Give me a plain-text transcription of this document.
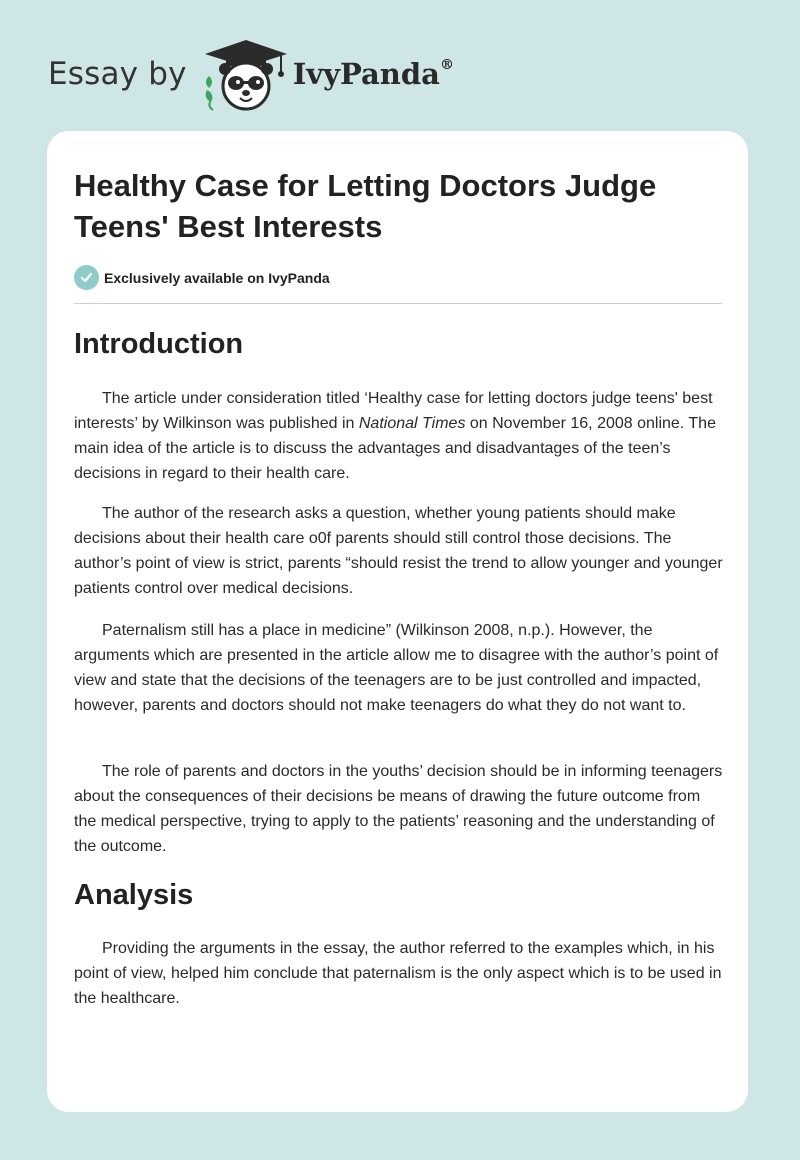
Essay by	IvyPanda®
Healthy Case for Letting Doctors Judge Teens' Best Interests
Exclusively available on IvyPanda
Introduction

The article under consideration titled ‘Healthy case for letting doctors judge teens' best interests’ by Wilkinson was published in National Times on November 16, 2008 online. The main idea of the article is to discuss the advantages and disadvantages of the teen’s decisions in regard to their health care.

The author of the research asks a question, whether young patients should make decisions about their health care o0f parents should still control those decisions. The author’s point of view is strict, parents “should resist the trend to allow younger and younger patients control over medical decisions.

Paternalism still has a place in medicine” (Wilkinson 2008, n.p.). However, the arguments which are presented in the article allow me to disagree with the author’s point of view and state that the decisions of the teenagers are to be just controlled and impacted, however, parents and doctors should not make teenagers do what they do not want to.

The role of parents and doctors in the youths’ decision should be in informing teenagers about the consequences of their decisions be means of drawing the future outcome from the medical perspective, trying to apply to the patients’ reasoning and the understanding of the outcome.

Analysis

Providing the arguments in the essay, the author referred to the examples which, in his point of view, helped him conclude that paternalism is the only aspect which is to be used in the healthcare.
